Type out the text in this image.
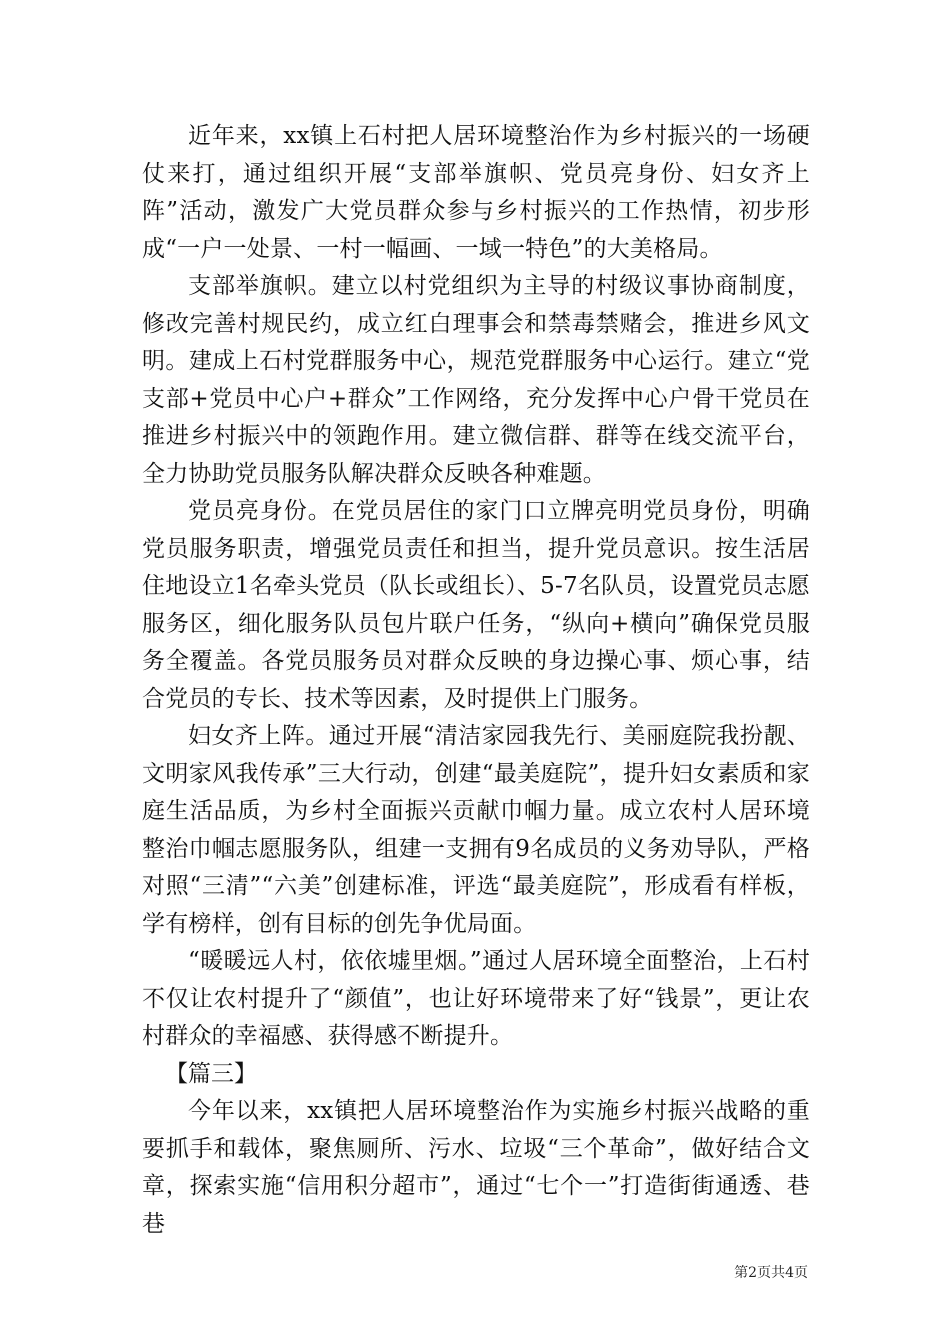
近年来，xx镇上石村把人居环境整治作为乡村振兴的一场硬仗来打，通过组织开展“支部举旗帜、党员亮身份、妇女齐上阵”活动，激发广大党员群众参与乡村振兴的工作热情，初步形成“一户一处景、一村一幅画、一域一特色”的大美格局。

支部举旗帜。建立以村党组织为主导的村级议事协商制度，修改完善村规民约，成立红白理事会和禁毒禁赌会，推进乡风文明。建成上石村党群服务中心，规范党群服务中心运行。建立“党支部+党员中心户+群众”工作网络，充分发挥中心户骨干党员在推进乡村振兴中的领跑作用。建立微信群、群等在线交流平台，全力协助党员服务队解决群众反映各种难题。

党员亮身份。在党员居住的家门口立牌亮明党员身份，明确党员服务职责，增强党员责任和担当，提升党员意识。按生活居住地设立1名牵头党员（队长或组长）、5-7名队员，设置党员志愿服务区，细化服务队员包片联户任务，“纵向+横向”确保党员服务全覆盖。各党员服务员对群众反映的身边操心事、烦心事，结合党员的专长、技术等因素，及时提供上门服务。

妇女齐上阵。通过开展“清洁家园我先行、美丽庭院我扮靓、文明家风我传承”三大行动，创建“最美庭院”，提升妇女素质和家庭生活品质，为乡村全面振兴贡献巾帼力量。成立农村人居环境整治巾帼志愿服务队，组建一支拥有9名成员的义务劝导队，严格对照“三清”“六美”创建标准，评选“最美庭院”，形成看有样板，学有榜样，创有目标的创先争优局面。

“暖暖远人村，依依墟里烟。”通过人居环境全面整治，上石村不仅让农村提升了“颜值”，也让好环境带来了好“钱景”，更让农村群众的幸福感、获得感不断提升。

【篇三】

今年以来，xx镇把人居环境整治作为实施乡村振兴战略的重要抓手和载体，聚焦厕所、污水、垃圾“三个革命”，做好结合文章，探索实施“信用积分超市”，通过“七个一”打造街街通透、巷巷

第2页共4页
